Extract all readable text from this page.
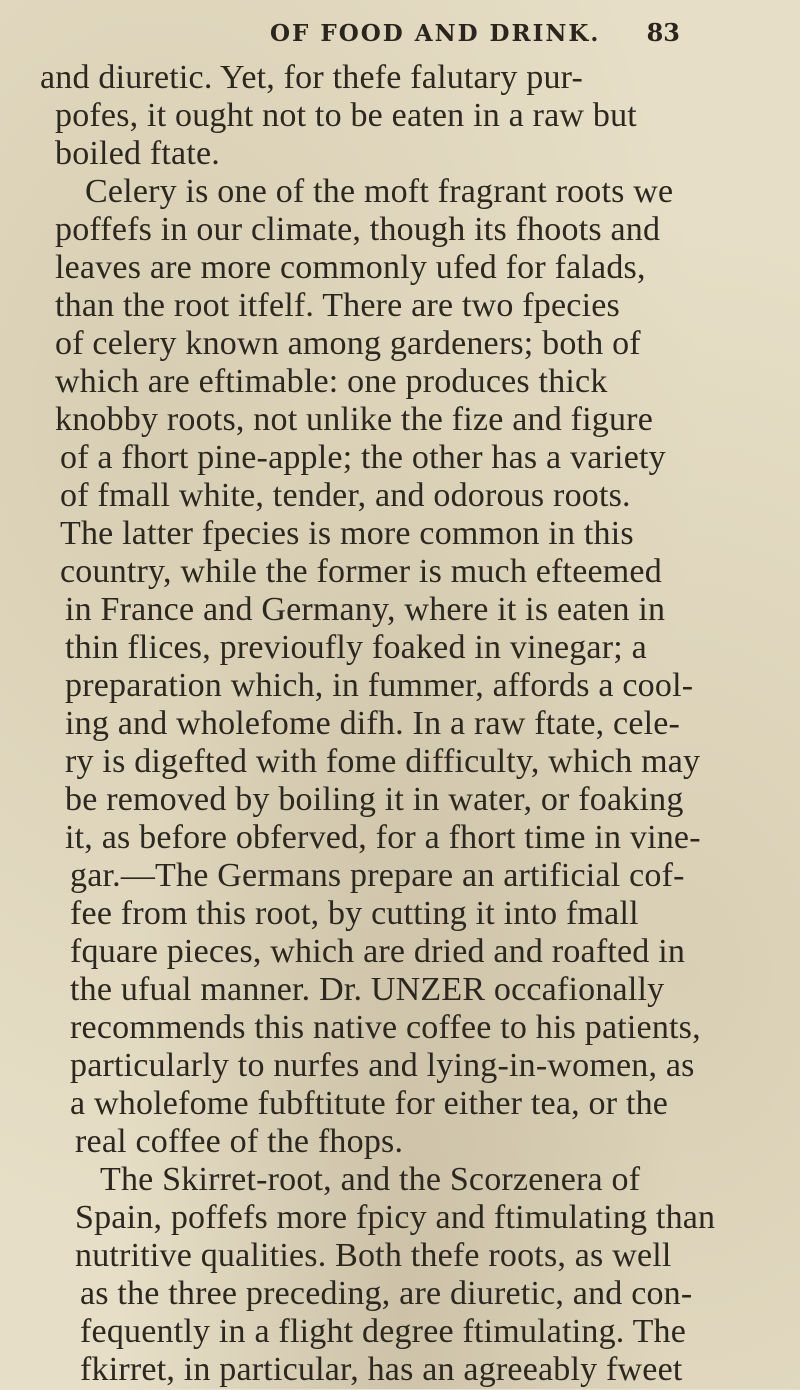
OF FOOD AND DRINK. 83
and diuretic. Yet, for thefe falutary pur-
pofes, it ought not to be eaten in a raw but
boiled ftate.
Celery is one of the moft fragrant roots we
poffefs in our climate, though its fhoots and
leaves are more commonly ufed for falads,
than the root itfelf. There are two fpecies
of celery known among gardeners; both of
which are eftimable: one produces thick
knobby roots, not unlike the fize and figure
of a fhort pine-apple; the other has a variety
of fmall white, tender, and odorous roots.
The latter fpecies is more common in this
country, while the former is much efteemed
in France and Germany, where it is eaten in
thin flices, previoufly foaked in vinegar; a
preparation which, in fummer, affords a cool-
ing and wholefome difh. In a raw ftate, cele-
ry is digefted with fome difficulty, which may
be removed by boiling it in water, or foaking
it, as before obferved, for a fhort time in vine-
gar.—The Germans prepare an artificial cof-
fee from this root, by cutting it into fmall
fquare pieces, which are dried and roafted in
the ufual manner. Dr. UNZER occafionally
recommends this native coffee to his patients,
particularly to nurfes and lying-in-women, as
a wholefome fubftitute for either tea, or the
real coffee of the fhops.
The Skirret-root, and the Scorzenera of
Spain, poffefs more fpicy and ftimulating than
nutritive qualities. Both thefe roots, as well
as the three preceding, are diuretic, and con-
fequently in a flight degree ftimulating. The
fkirret, in particular, has an agreeably fweet
